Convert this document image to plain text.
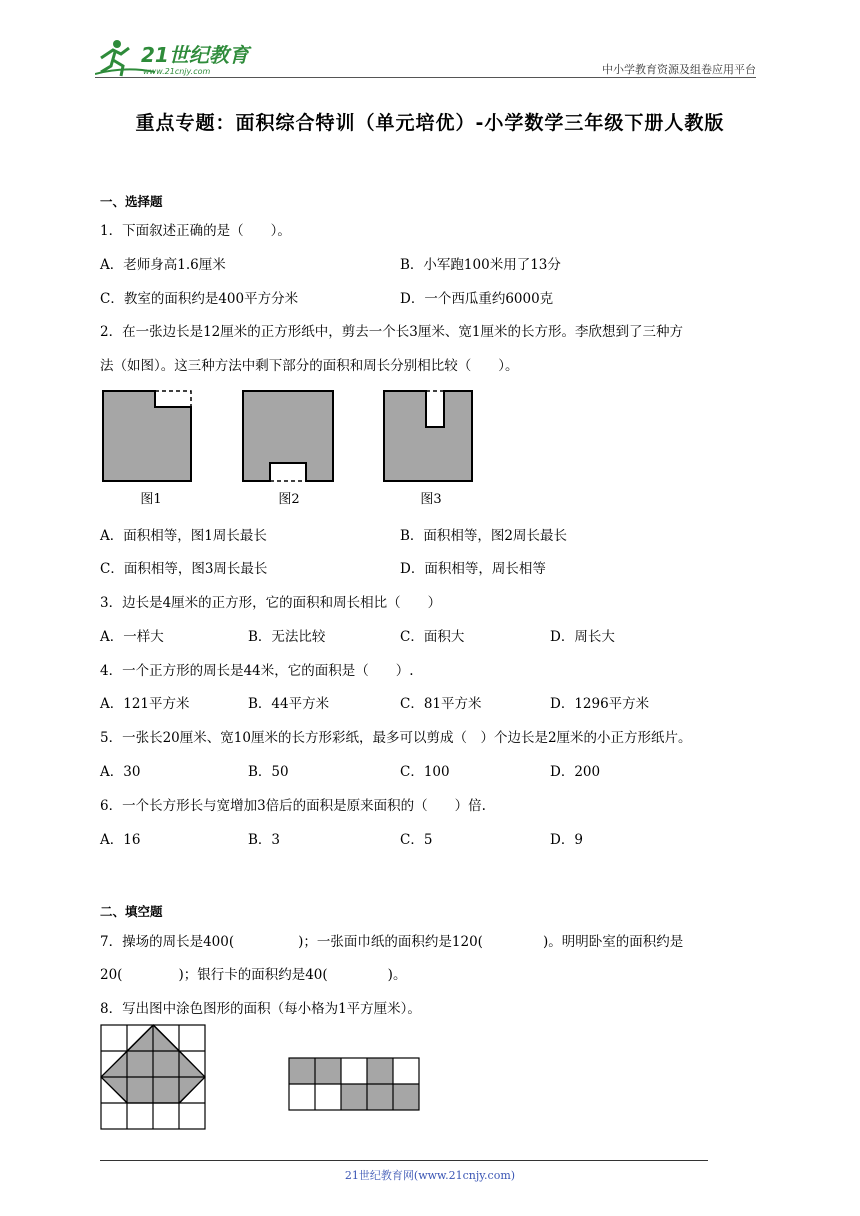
21世纪教育
www.21cnjy.com	中小学教育资源及组卷应用平台
重点专题：面积综合特训（单元培优）-小学数学三年级下册人教版
一、选择题
1．下面叙述正确的是（　　）。
A．老师身高1.6厘米	B．小军跑100米用了13分
C．教室的面积约是400平方分米	D．一个西瓜重约6000克
2．在一张边长是12厘米的正方形纸中，剪去一个长3厘米、宽1厘米的长方形。李欣想到了三种方
法（如图）。这三种方法中剩下部分的面积和周长分别相比较（　　）。
图1	图2	图3
A．面积相等，图1周长最长	B．面积相等，图2周长最长
C．面积相等，图3周长最长	D．面积相等，周长相等
3．边长是4厘米的正方形，它的面积和周长相比（　　）
A．一样大	B．无法比较	C．面积大	D．周长大
4．一个正方形的周长是44米，它的面积是（　　）.
A．121平方米	B．44平方米	C．81平方米	D．1296平方米
5．一张长20厘米、宽10厘米的长方形彩纸，最多可以剪成（　）个边长是2厘米的小正方形纸片。
A．30	B．50	C．100	D．200
6．一个长方形长与宽增加3倍后的面积是原来面积的（　　）倍.
A．16	B．3	C．5	D．9
二、填空题
7．操场的周长是400(	)；一张面巾纸的面积约是120(	)。明明卧室的面积约是
20(	)；银行卡的面积约是40(	)。
8．写出图中涂色图形的面积（每小格为1平方厘米）。
21世纪教育网(www.21cnjy.com)
